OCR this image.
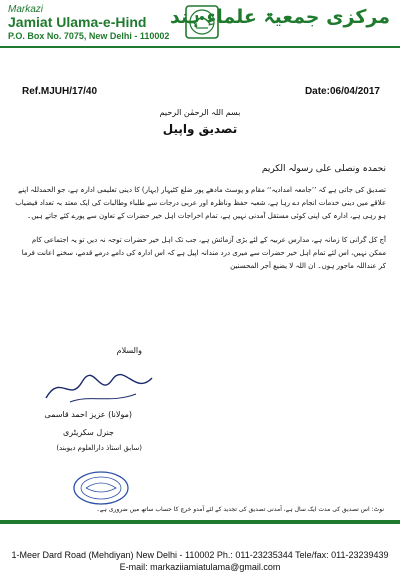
Markazi
Jamiat Ulama-e-Hind
P.O. Box No. 7075, New Delhi - 110002
مرکزی جمعیۃ علماءِ ہند
Ref.MJUH/17/40	Date:06/04/2017
بسم اللہ الرحمٰن الرحیم
تصدیق واپیل
نحمدہ ونصلی علی رسولہ الکریم
تصدیق کی جاتی ہے کہ ’’جامعہ امدادیہ‘‘ مقام و پوسٹ مادھے پور ضلع کٹیہار (بہار) کا دینی تعلیمی ادارہ ہے، جو الحمدللہ اپنے علاقے میں دینی خدمات انجام دے رہا ہے، شعبہ حفظ وناظرہ اور عربی درجات سے طلباء وطالبات کی ایک معتد بہ تعداد فیضیاب ہو رہی ہے، ادارہ کی اپنی کوئی مستقل آمدنی نہیں ہے، تمام اخراجات اہل خیر حضرات کے تعاون سے پورے کئے جاتے ہیں۔
آج کل گرانی کا زمانہ ہے، مدارس عربیہ کے لئے بڑی آزمائش ہے، جب تک اہل خیر حضرات توجہ نہ دیں تو یہ اجتماعی کام ممکن نہیں، اس لئے تمام اہل خیر حضرات سے میری درد مندانہ اپیل ہے کہ اس ادارہ کی دامے درمے قدمے، سخنے اعانت فرما کر عنداللہ ماجور ہوں۔ ان اللہ لا یضیع أجر المحسنین
والسلام
(مولانا) عزیز احمد قاسمی
جنرل سکریٹری
(سابق استاذ دارالعلوم دیوبند)
نوٹ: اس تصدیق کی مدت ایک سال ہے، آمدنی تصدیق کی تجدید کے لئے آمدو خرچ کا حساب ساتھ میں ضروری ہے۔
1-Meer Dard Road (Mehdiyan) New Delhi - 110002 Ph.: 011-23235344 Tele/fax: 011-23239439
E-mail: markaziiamiatulama@gmail.com
